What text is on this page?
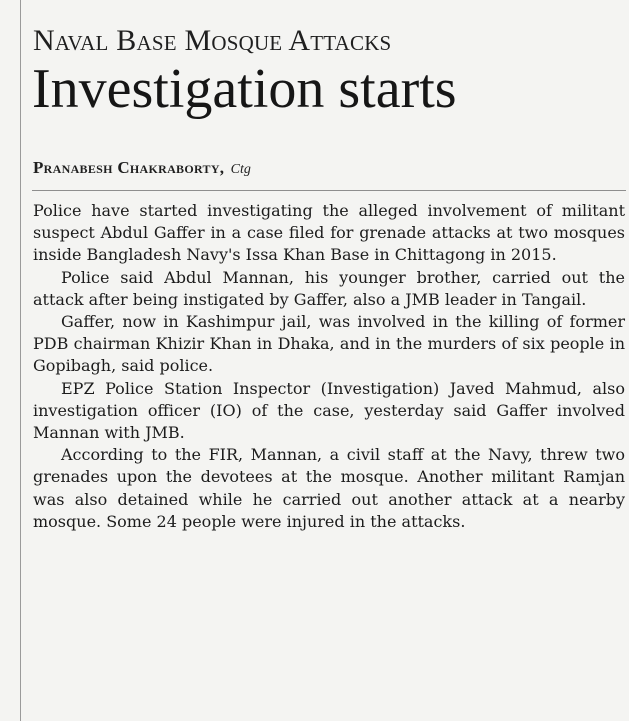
Naval Base Mosque Attacks
Investigation starts
Pranabesh Chakraborty, Ctg

Police have started investigating the alleged involvement of militant suspect Abdul Gaffer in a case filed for grenade attacks at two mosques inside Bangladesh Navy's Issa Khan Base in Chittagong in 2015.

Police said Abdul Mannan, his younger brother, carried out the attack after being instigated by Gaffer, also a JMB leader in Tangail.

Gaffer, now in Kashimpur jail, was involved in the killing of former PDB chairman Khizir Khan in Dhaka, and in the murders of six people in Gopibagh, said police.

EPZ Police Station Inspector (Investigation) Javed Mahmud, also investigation officer (IO) of the case, yesterday said Gaffer involved Mannan with JMB.

According to the FIR, Mannan, a civil staff at the Navy, threw two grenades upon the devotees at the mosque. Another militant Ramjan was also detained while he carried out another attack at a nearby mosque. Some 24 people were injured in the attacks.
